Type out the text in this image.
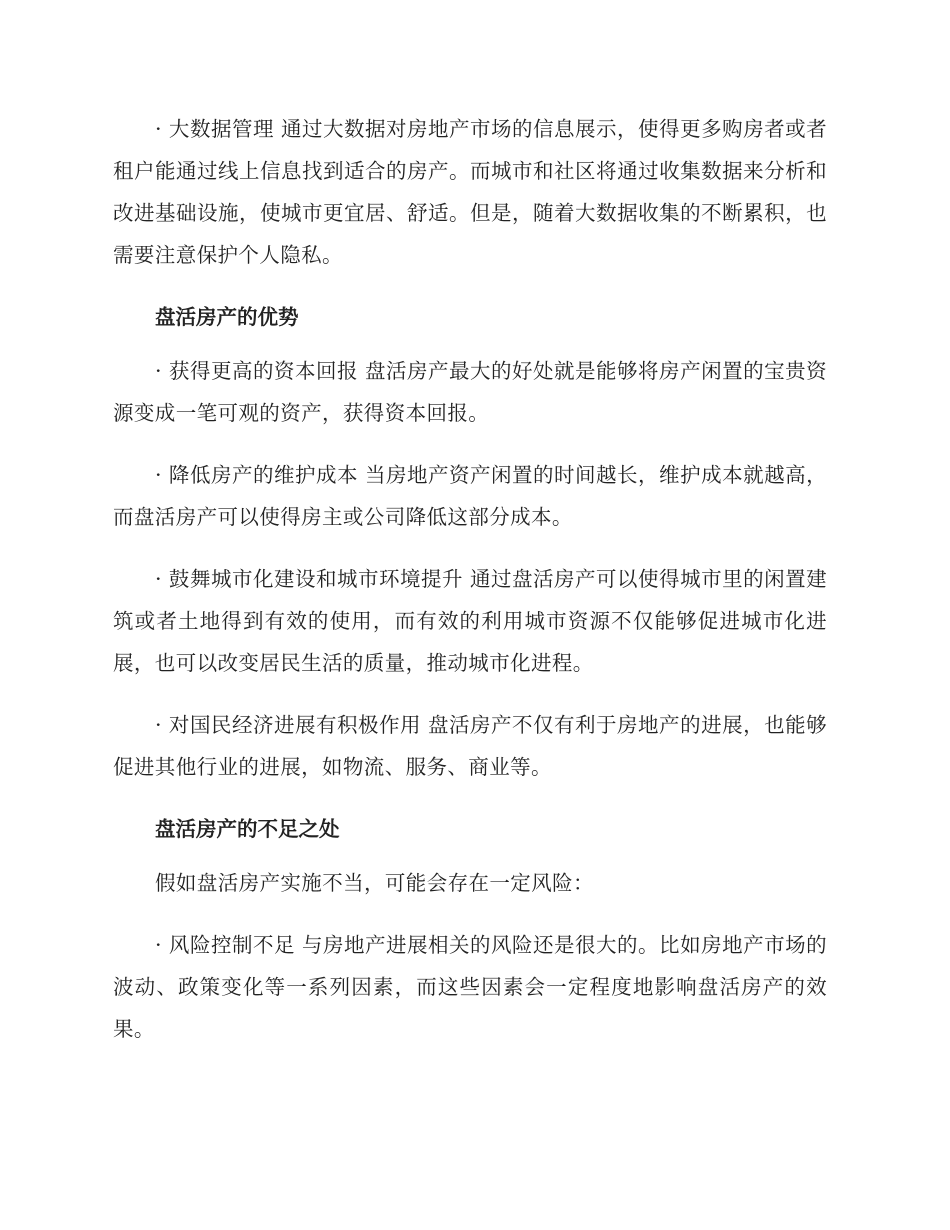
· 大数据管理 通过大数据对房地产市场的信息展示，使得更多购房者或者租户能通过线上信息找到适合的房产。而城市和社区将通过收集数据来分析和改进基础设施，使城市更宜居、舒适。但是，随着大数据收集的不断累积，也需要注意保护个人隐私。

盘活房产的优势

· 获得更高的资本回报 盘活房产最大的好处就是能够将房产闲置的宝贵资源变成一笔可观的资产，获得资本回报。

· 降低房产的维护成本 当房地产资产闲置的时间越长，维护成本就越高，而盘活房产可以使得房主或公司降低这部分成本。

· 鼓舞城市化建设和城市环境提升 通过盘活房产可以使得城市里的闲置建筑或者土地得到有效的使用，而有效的利用城市资源不仅能够促进城市化进展，也可以改变居民生活的质量，推动城市化进程。

· 对国民经济进展有积极作用 盘活房产不仅有利于房地产的进展，也能够促进其他行业的进展，如物流、服务、商业等。

盘活房产的不足之处

假如盘活房产实施不当，可能会存在一定风险：

· 风险控制不足 与房地产进展相关的风险还是很大的。比如房地产市场的波动、政策变化等一系列因素，而这些因素会一定程度地影响盘活房产的效果。
